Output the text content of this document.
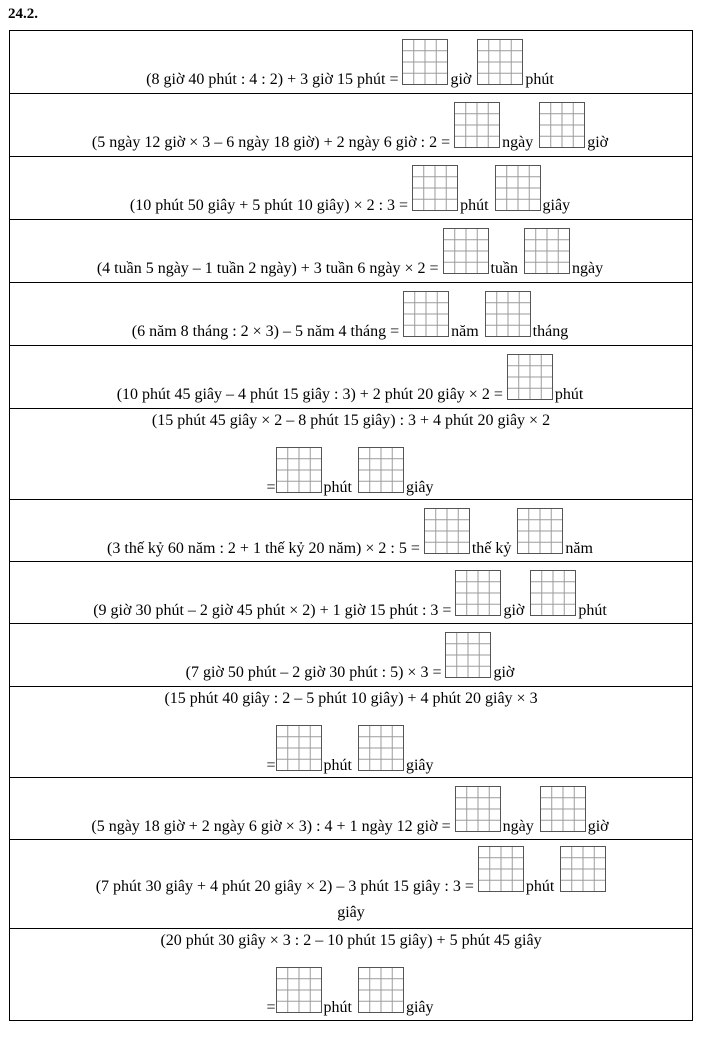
24.2.
(8 giờ 40 phút : 4 : 2) + 3 giờ 15 phút =	giờ	phút
(5 ngày 12 giờ × 3 – 6 ngày 18 giờ) + 2 ngày 6 giờ : 2 =	ngày	giờ
(10 phút 50 giây + 5 phút 10 giây) × 2 : 3 =	phút	giây
(4 tuần 5 ngày – 1 tuần 2 ngày) + 3 tuần 6 ngày × 2 =	tuần	ngày
(6 năm 8 tháng : 2 × 3) – 5 năm 4 tháng =	năm	tháng
(10 phút 45 giây – 4 phút 15 giây : 3) + 2 phút 20 giây × 2 =	phút
(15 phút 45 giây × 2 – 8 phút 15 giây) : 3 + 4 phút 20 giây × 2
=	phút	giây
(3 thế kỷ 60 năm : 2 + 1 thế kỷ 20 năm) × 2 : 5 =	thế kỷ	năm
(9 giờ 30 phút – 2 giờ 45 phút × 2) + 1 giờ 15 phút : 3 =	giờ	phút
(7 giờ 50 phút – 2 giờ 30 phút : 5) × 3 =	giờ
(15 phút 40 giây : 2 – 5 phút 10 giây) + 4 phút 20 giây × 3
=	phút	giây
(5 ngày 18 giờ + 2 ngày 6 giờ × 3) : 4 + 1 ngày 12 giờ =	ngày	giờ
(7 phút 30 giây + 4 phút 20 giây × 2) – 3 phút 15 giây : 3 =	phút
giây
(20 phút 30 giây × 3 : 2 – 10 phút 15 giây) + 5 phút 45 giây
=	phút	giây
